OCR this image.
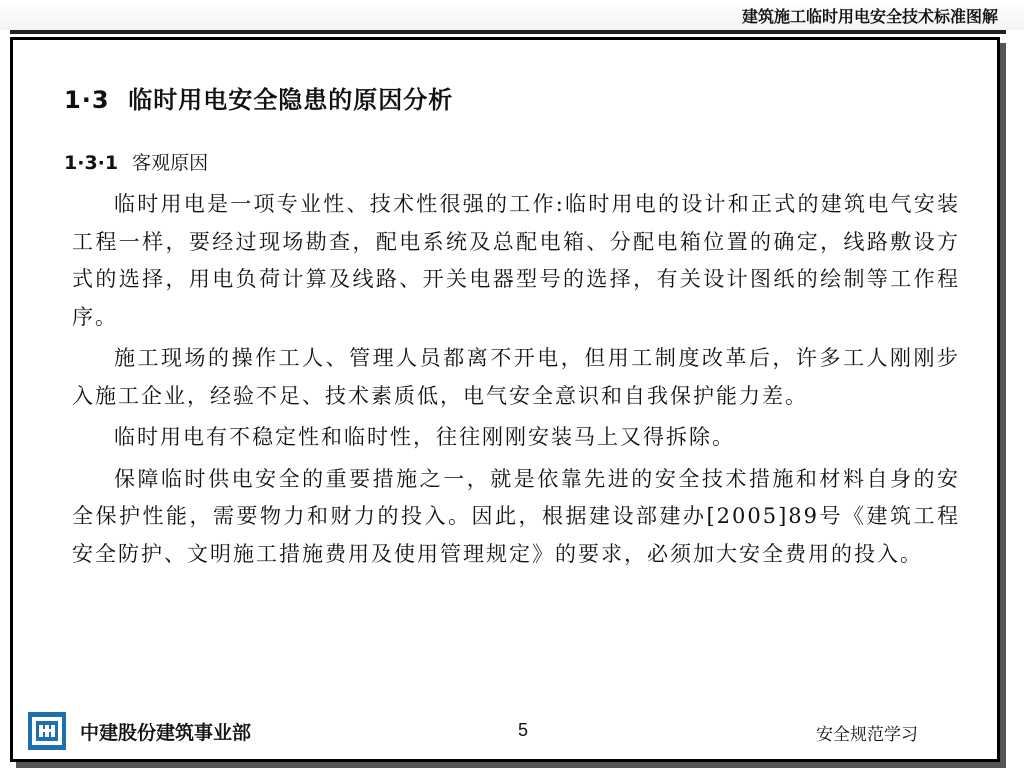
建筑施工临时用电安全技术标准图解
1·3 临时用电安全隐患的原因分析
1·3·1 客观原因

临时用电是一项专业性、技术性很强的工作:临时用电的设计和正式的建筑电气安装工程一样，要经过现场勘查，配电系统及总配电箱、分配电箱位置的确定，线路敷设方式的选择，用电负荷计算及线路、开关电器型号的选择，有关设计图纸的绘制等工作程序。

施工现场的操作工人、管理人员都离不开电，但用工制度改革后，许多工人刚刚步入施工企业，经验不足、技术素质低，电气安全意识和自我保护能力差。

临时用电有不稳定性和临时性，往往刚刚安装马上又得拆除。

保障临时供电安全的重要措施之一，就是依靠先进的安全技术措施和材料自身的安全保护性能，需要物力和财力的投入。因此，根据建设部建办[2005]89号《建筑工程安全防护、文明施工措施费用及使用管理规定》的要求，必须加大安全费用的投入。

中建股份建筑事业部	5	安全规范学习
